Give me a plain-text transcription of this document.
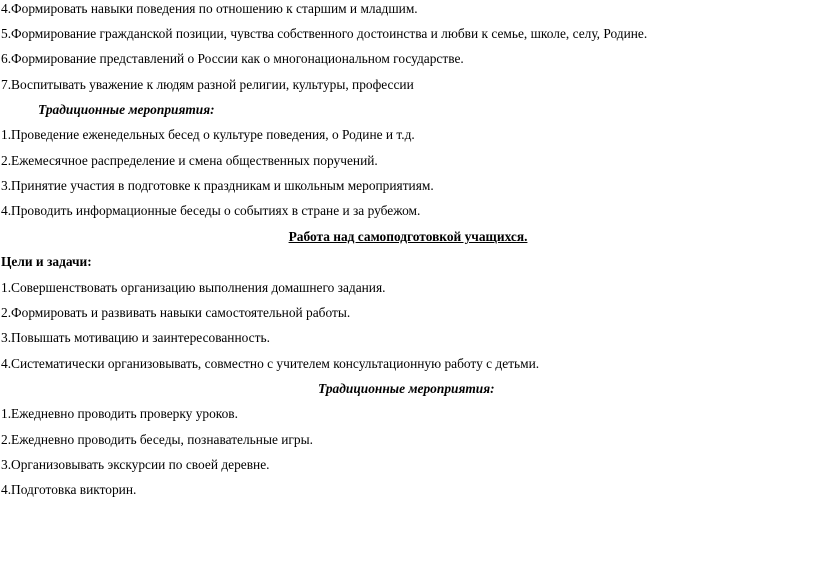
4.Формировать навыки поведения по отношению к старшим и младшим.
5.Формирование гражданской позиции, чувства собственного достоинства и любви к семье, школе, селу, Родине.
6.Формирование представлений о России как о многонациональном государстве.
7.Воспитывать уважение к людям разной религии, культуры, профессии
Традиционные мероприятия:
1.Проведение еженедельных бесед о культуре поведения, о Родине и т.д.
2.Ежемесячное распределение и смена общественных поручений.
3.Принятие участия в подготовке к праздникам и школьным мероприятиям.
4.Проводить информационные беседы о событиях в стране и за рубежом.
Работа над самоподготовкой учащихся.
Цели и задачи:
1.Совершенствовать организацию выполнения домашнего задания.
2.Формировать и развивать навыки самостоятельной работы.
3.Повышать мотивацию и заинтересованность.
4.Систематически организовывать, совместно с учителем консультационную работу с детьми.
Традиционные мероприятия:
1.Ежедневно проводить проверку уроков.
2.Ежедневно проводить беседы, познавательные игры.
3.Организовывать экскурсии по своей деревне.
4.Подготовка викторин.
